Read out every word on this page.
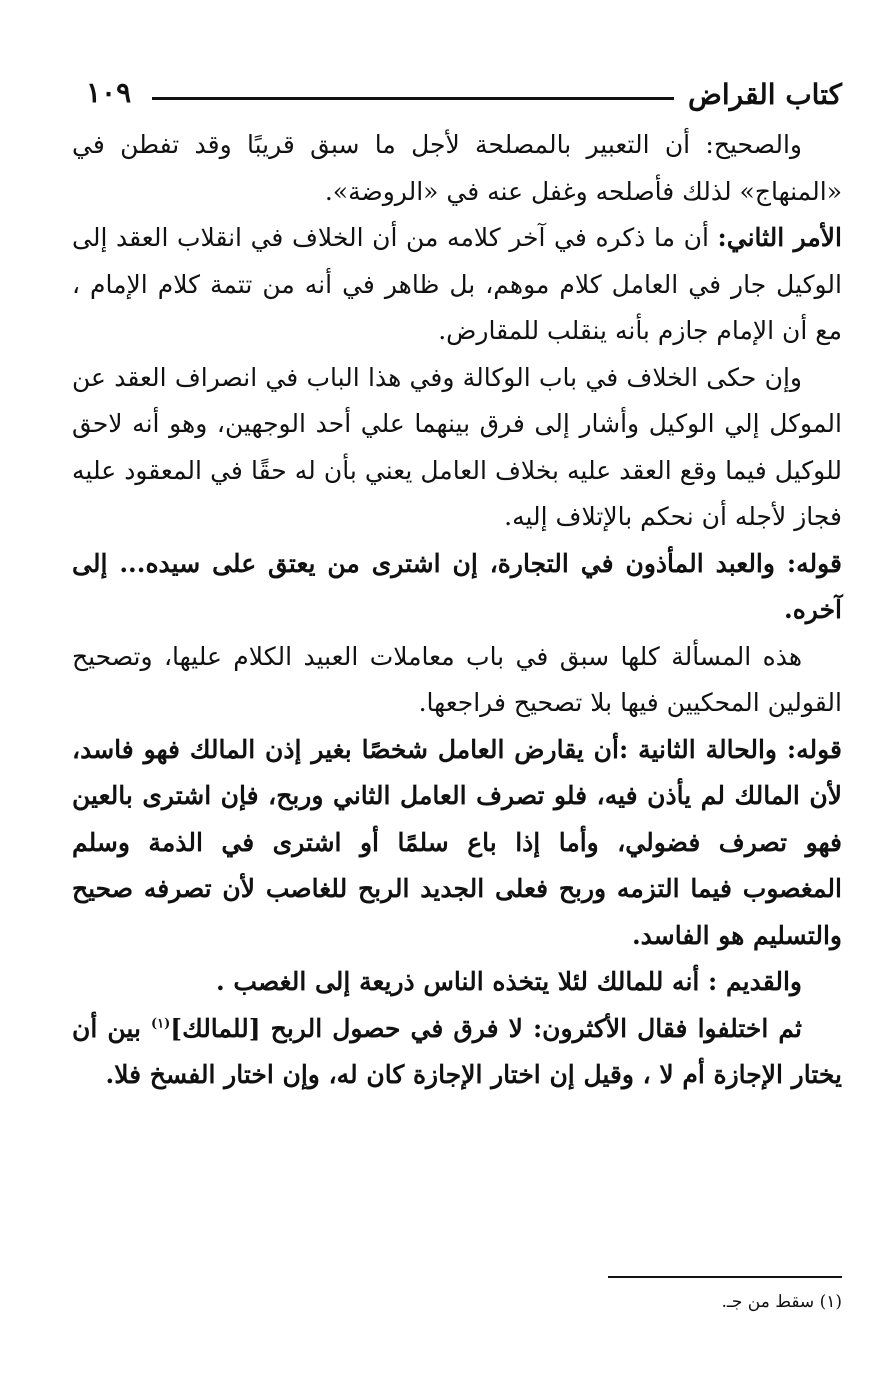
كتاب القراض
١٠٩

والصحيح: أن التعبير بالمصلحة لأجل ما سبق قريبًا وقد تفطن في «المنهاج» لذلك فأصلحه وغفل عنه في «الروضة».

الأمر الثاني: أن ما ذكره في آخر كلامه من أن الخلاف في انقلاب العقد إلى الوكيل جار في العامل كلام موهم، بل ظاهر في أنه من تتمة كلام الإمام ، مع أن الإمام جازم بأنه ينقلب للمقارض.

وإن حكى الخلاف في باب الوكالة وفي هذا الباب في انصراف العقد عن الموكل إلي الوكيل وأشار إلى فرق بينهما علي أحد الوجهين، وهو أنه لاحق للوكيل فيما وقع العقد عليه بخلاف العامل يعني بأن له حقًا في المعقود عليه فجاز لأجله أن نحكم بالإتلاف إليه.

قوله: والعبد المأذون في التجارة، إن اشترى من يعتق على سيده... إلى آخره.

هذه المسألة كلها سبق في باب معاملات العبيد الكلام عليها، وتصحيح القولين المحكيين فيها بلا تصحيح فراجعها.

قوله: والحالة الثانية :أن يقارض العامل شخصًا بغير إذن المالك فهو فاسد، لأن المالك لم يأذن فيه، فلو تصرف العامل الثاني وربح، فإن اشترى بالعين فهو تصرف فضولي، وأما إذا باع سلمًا أو اشترى في الذمة وسلم المغصوب فيما التزمه وربح فعلى الجديد الربح للغاصب لأن تصرفه صحيح والتسليم هو الفاسد.

والقديم : أنه للمالك لئلا يتخذه الناس ذريعة إلى الغصب .

ثم اختلفوا فقال الأكثرون: لا فرق في حصول الربح [للمالك]$^{(١)}$ بين أن يختار الإجازة أم لا ، وقيل إن اختار الإجازة كان له، وإن اختار الفسخ فلا.

(١) سقط من جـ.
